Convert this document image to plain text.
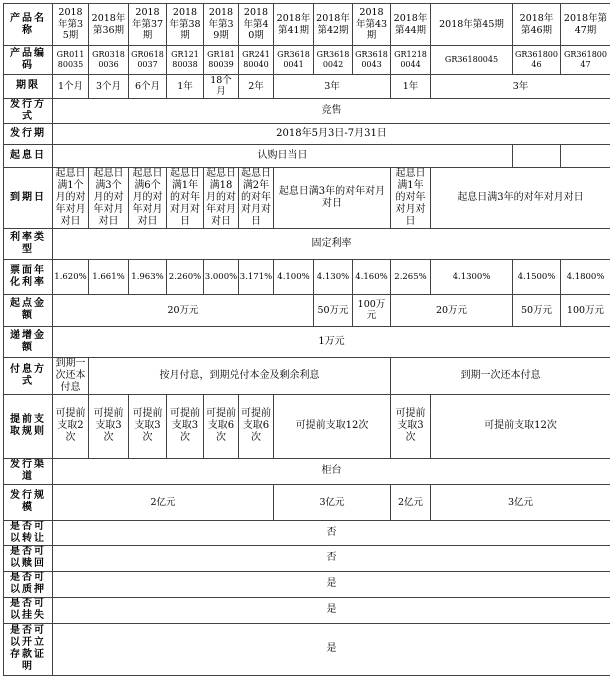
产品名称	2018年第35期	2018年第36期	2018年第37期	2018年第38期	2018年第39期	2018年第40期	2018年第41期	2018年第42期	2018年第43期	2018年第44期	2018年第45期	2018年第46期	2018年第47期
产品编码	GR01180035	GR03180036	GR06180037	GR12180038	GR18180039	GR24180040	GR36180041	GR36180042	GR36180043	GR12180044	GR36180045	GR36180046	GR36180047
期限	1个月	3个月	6个月	1年	18个月	2年	3年			1年	3年		
发行方式	竞售												
发行期	2018年5月3日-7月31日												
起息日	认购日当日												
到期日	起息日满1个月的对年对月对日	起息日满3个月的对年对月对日	起息日满6个月的对年对月对日	起息日满1年的对年对月对日	起息日满18月的对年对月对日	起息日满2年的对年对月对日	起息日满3年的对年对月对日			起息日满1年的对年对月对日	起息日满3年的对年对月对日		
利率类型	固定利率												
票面年化利率	1.620%	1.661%	1.963%	2.260%	3.000%	3.171%	4.100%	4.130%	4.160%	2.265%	4.1300%	4.1500%	4.1800%
起点金额	20万元							50万元	100万元	20万元		50万元	100万元
递增金额	1万元												
付息方式	到期一次还本付息	按月付息，到期兑付本金及剩余利息								到期一次还本付息			
提前支取规则	可提前支取2次	可提前支取3次	可提前支取3次	可提前支取3次	可提前支取6次	可提前支取6次	可提前支取12次			可提前支取3次	可提前支取12次		
发行渠道	柜台												
发行规模	2亿元						3亿元			2亿元	3亿元		
是否可以转让	否												
是否可以赎回	否												
是否可以质押	是												
是否可以挂失	是												
是否可以开立存款证明	是												
